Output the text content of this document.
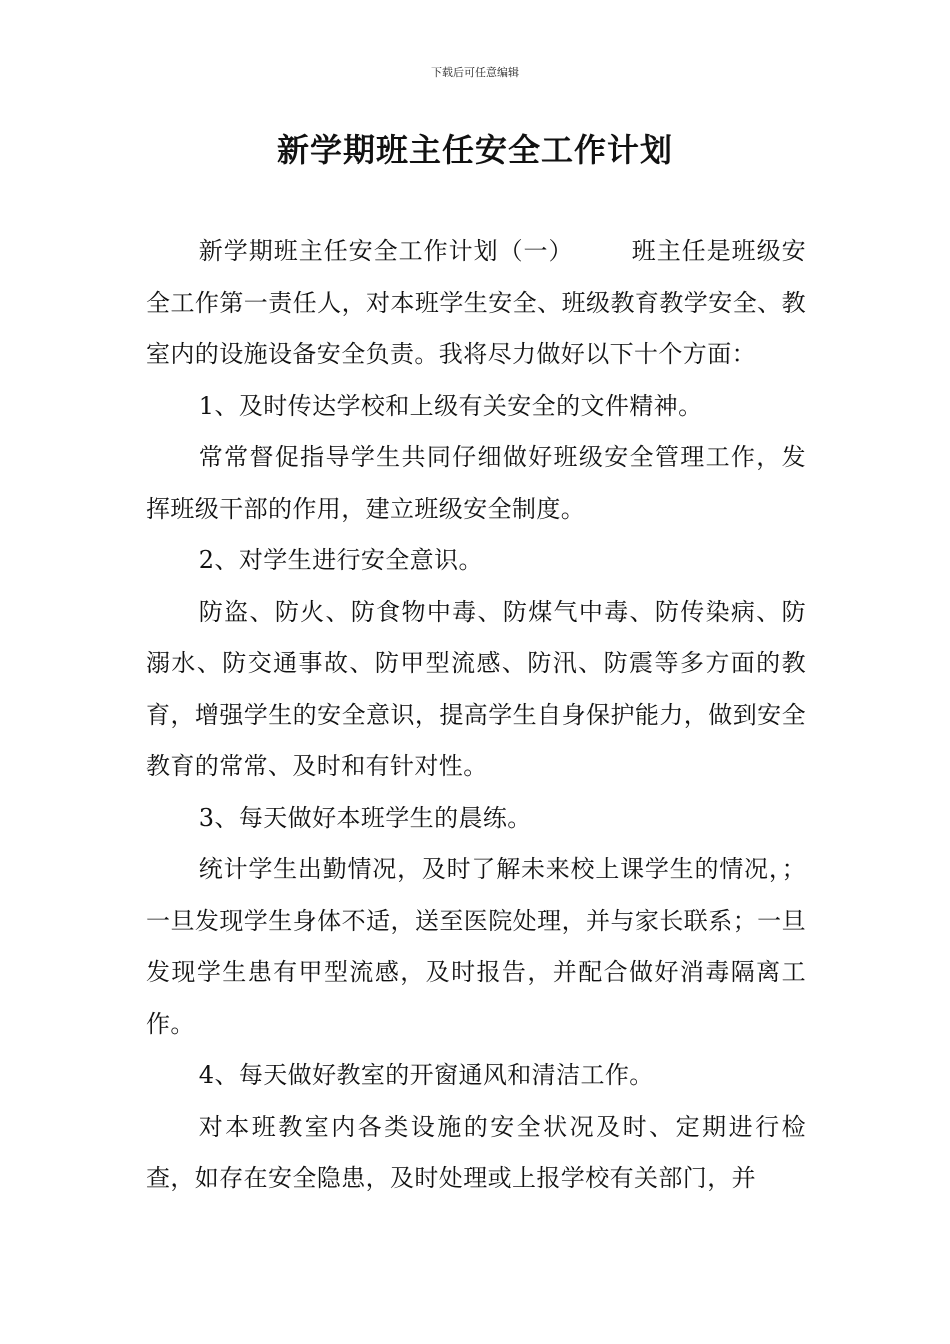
下载后可任意编辑
新学期班主任安全工作计划

新学期班主任安全工作计划（一） 班主任是班级安全工作第一责任人，对本班学生安全、班级教育教学安全、教室内的设施设备安全负责。我将尽力做好以下十个方面：

1、及时传达学校和上级有关安全的文件精神。

常常督促指导学生共同仔细做好班级安全管理工作，发挥班级干部的作用，建立班级安全制度。

2、对学生进行安全意识。

防盗、防火、防食物中毒、防煤气中毒、防传染病、防溺水、防交通事故、防甲型流感、防汛、防震等多方面的教育，增强学生的安全意识，提高学生自身保护能力，做到安全教育的常常、及时和有针对性。

3、每天做好本班学生的晨练。

统计学生出勤情况，及时了解未来校上课学生的情况，；一旦发现学生身体不适，送至医院处理，并与家长联系；一旦发现学生患有甲型流感，及时报告，并配合做好消毒隔离工作。

4、每天做好教室的开窗通风和清洁工作。

对本班教室内各类设施的安全状况及时、定期进行检查，如存在安全隐患，及时处理或上报学校有关部门，并
